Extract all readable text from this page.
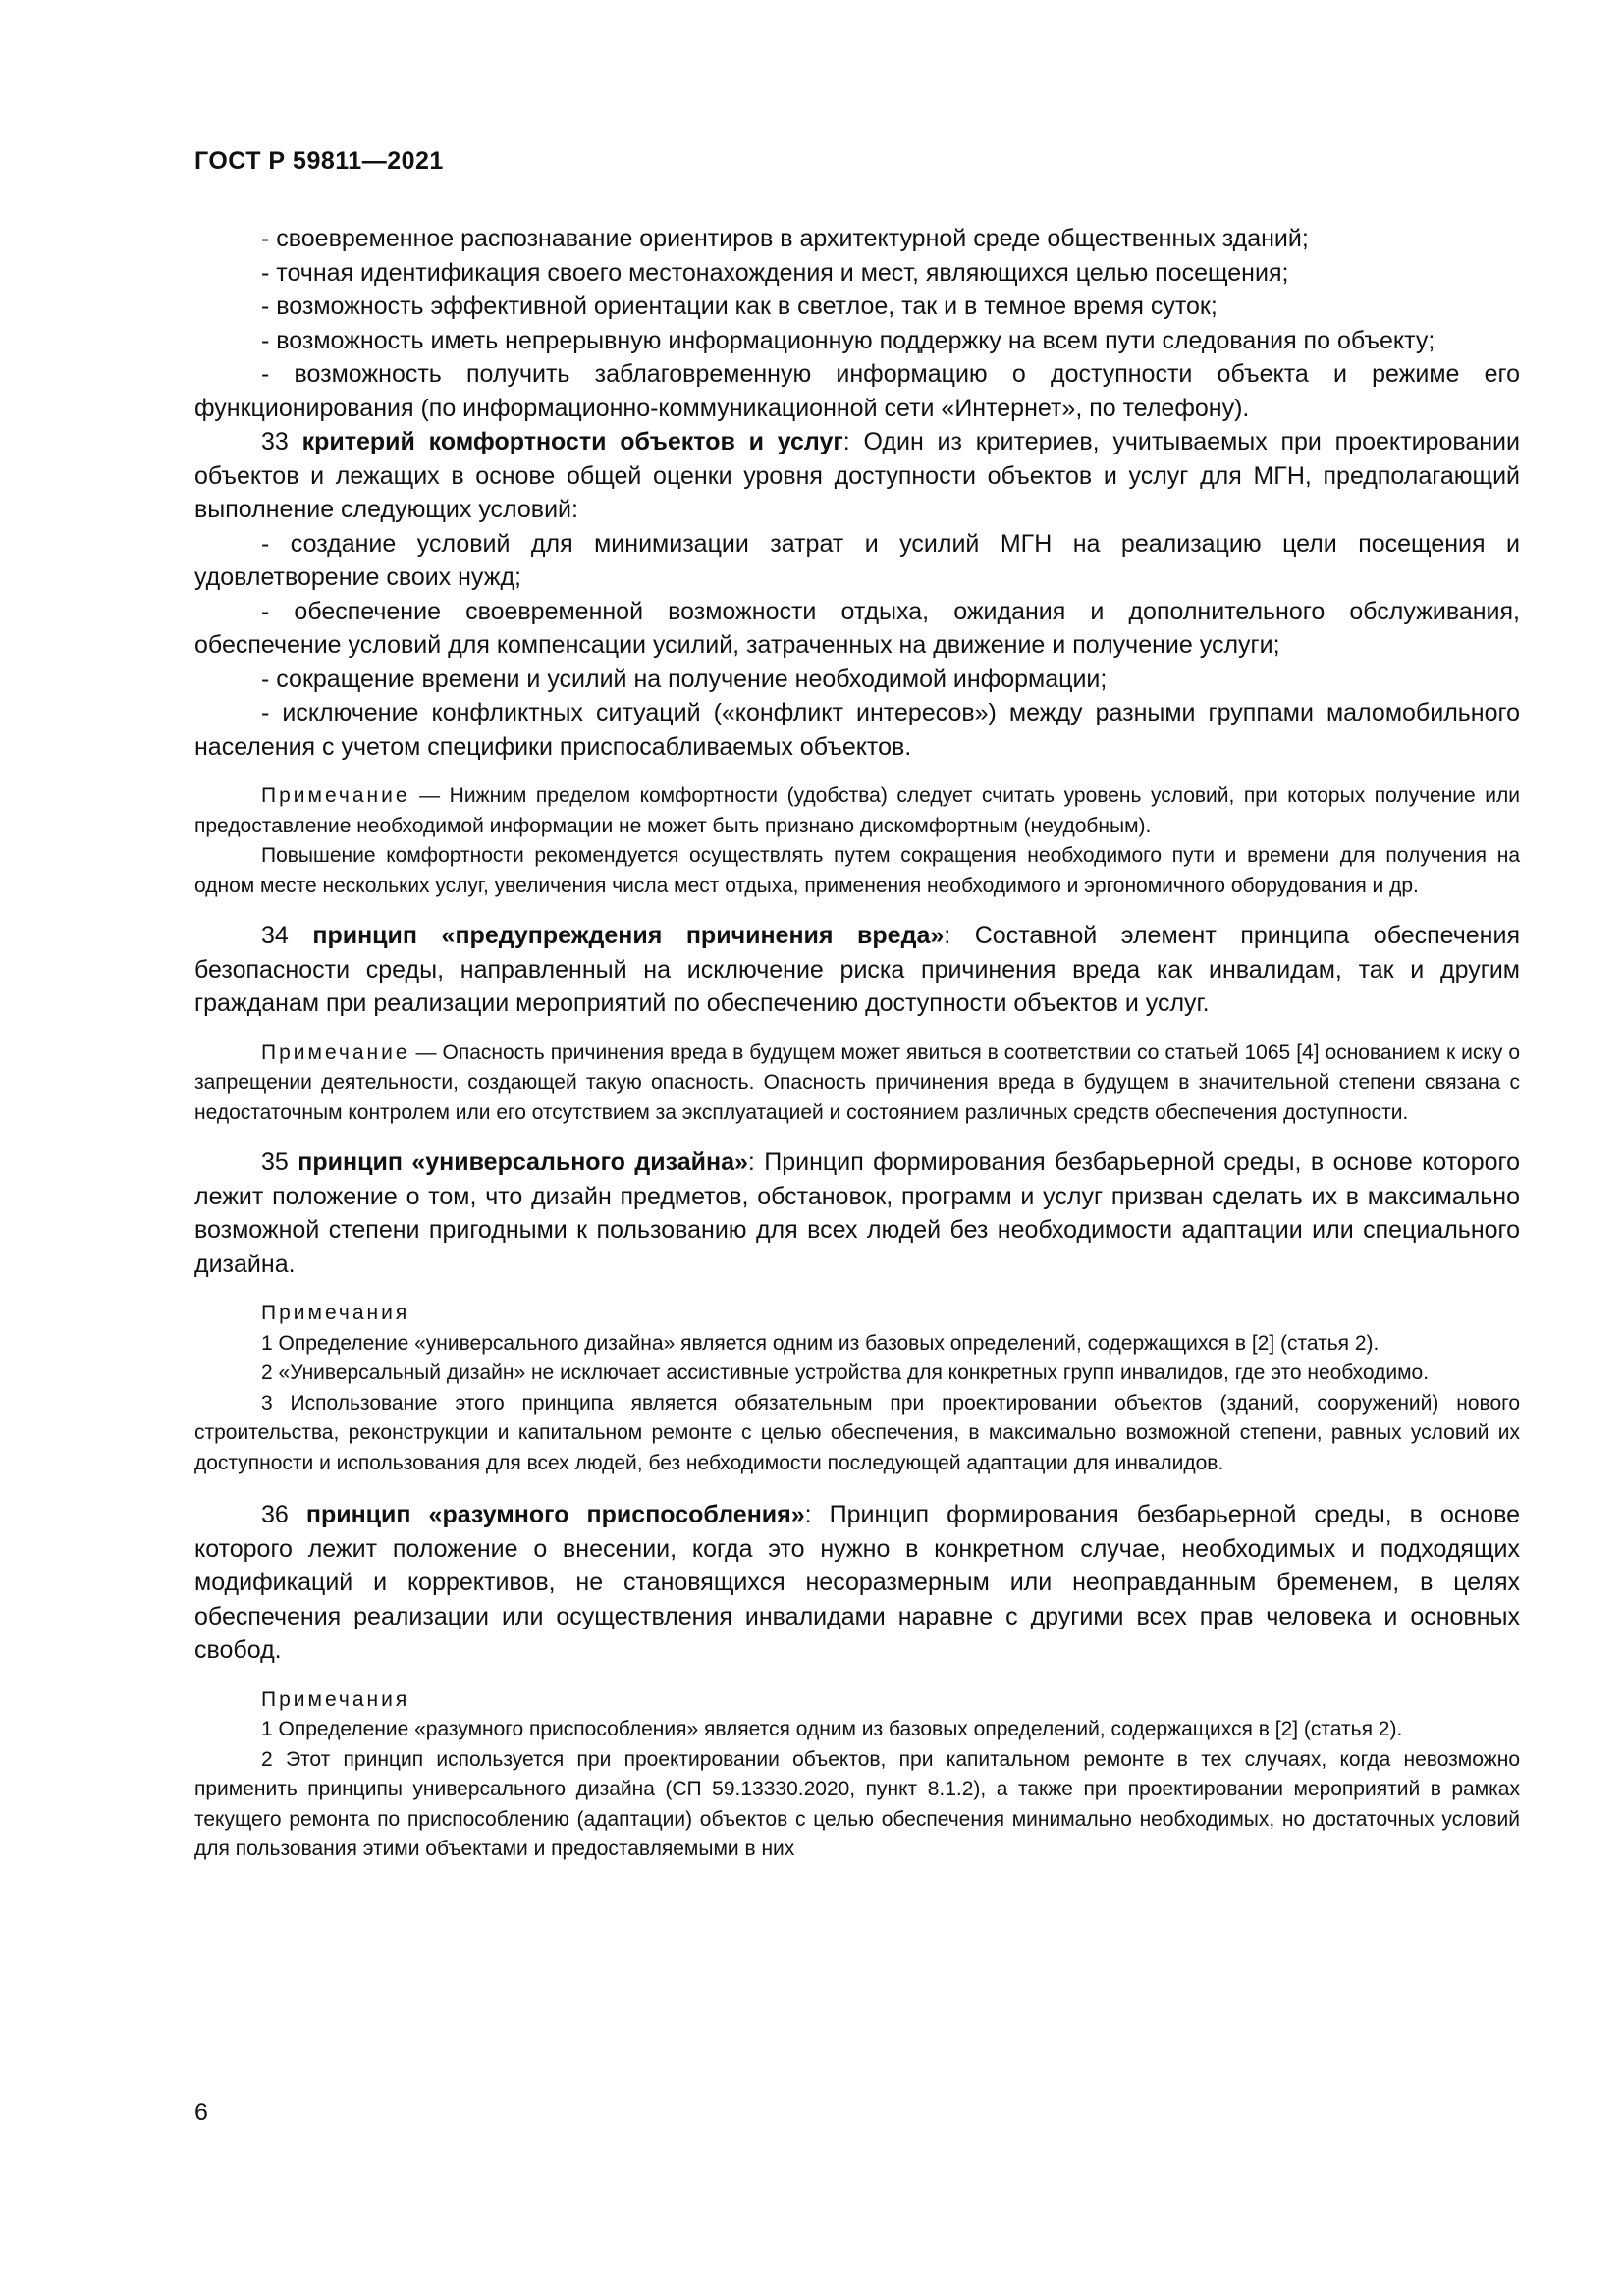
ГОСТ Р 59811—2021

- своевременное распознавание ориентиров в архитектурной среде общественных зданий;

- точная идентификация своего местонахождения и мест, являющихся целью посещения;

- возможность эффективной ориентации как в светлое, так и в темное время суток;

- возможность иметь непрерывную информационную поддержку на всем пути следования по объекту;

- возможность получить заблаговременную информацию о доступности объекта и режиме его функционирования (по информационно-коммуникационной сети «Интернет», по телефону).

33 критерий комфортности объектов и услуг: Один из критериев, учитываемых при проектировании объектов и лежащих в основе общей оценки уровня доступности объектов и услуг для МГН, предполагающий выполнение следующих условий:

- создание условий для минимизации затрат и усилий МГН на реализацию цели посещения и удовлетворение своих нужд;

- обеспечение своевременной возможности отдыха, ожидания и дополнительного обслуживания, обеспечение условий для компенсации усилий, затраченных на движение и получение услуги;

- сокращение времени и усилий на получение необходимой информации;

- исключение конфликтных ситуаций («конфликт интересов») между разными группами маломобильного населения с учетом специфики приспосабливаемых объектов.

Примечание — Нижним пределом комфортности (удобства) следует считать уровень условий, при которых получение или предоставление необходимой информации не может быть признано дискомфортным (неудобным).

Повышение комфортности рекомендуется осуществлять путем сокращения необходимого пути и времени для получения на одном месте нескольких услуг, увеличения числа мест отдыха, применения необходимого и эргономичного оборудования и др.

34 принцип «предупреждения причинения вреда»: Составной элемент принципа обеспечения безопасности среды, направленный на исключение риска причинения вреда как инвалидам, так и другим гражданам при реализации мероприятий по обеспечению доступности объектов и услуг.

Примечание — Опасность причинения вреда в будущем может явиться в соответствии со статьей 1065 [4] основанием к иску о запрещении деятельности, создающей такую опасность. Опасность причинения вреда в будущем в значительной степени связана с недостаточным контролем или его отсутствием за эксплуатацией и состоянием различных средств обеспечения доступности.

35 принцип «универсального дизайна»: Принцип формирования безбарьерной среды, в основе которого лежит положение о том, что дизайн предметов, обстановок, программ и услуг призван сделать их в максимально возможной степени пригодными к пользованию для всех людей без необходимости адаптации или специального дизайна.

Примечания

1 Определение «универсального дизайна» является одним из базовых определений, содержащихся в [2] (статья 2).

2 «Универсальный дизайн» не исключает ассистивные устройства для конкретных групп инвалидов, где это необходимо.

3 Использование этого принципа является обязательным при проектировании объектов (зданий, сооружений) нового строительства, реконструкции и капитальном ремонте с целью обеспечения, в максимально возможной степени, равных условий их доступности и использования для всех людей, без небходимости последующей адаптации для инвалидов.

36 принцип «разумного приспособления»: Принцип формирования безбарьерной среды, в основе которого лежит положение о внесении, когда это нужно в конкретном случае, необходимых и подходящих модификаций и коррективов, не становящихся несоразмерным или неоправданным бременем, в целях обеспечения реализации или осуществления инвалидами наравне с другими всех прав человека и основных свобод.

Примечания

1 Определение «разумного приспособления» является одним из базовых определений, содержащихся в [2] (статья 2).

2 Этот принцип используется при проектировании объектов, при капитальном ремонте в тех случаях, когда невозможно применить принципы универсального дизайна (СП 59.13330.2020, пункт 8.1.2), а также при проектировании мероприятий в рамках текущего ремонта по приспособлению (адаптации) объектов с целью обеспечения минимально необходимых, но достаточных условий для пользования этими объектами и предоставляемыми в них

6
